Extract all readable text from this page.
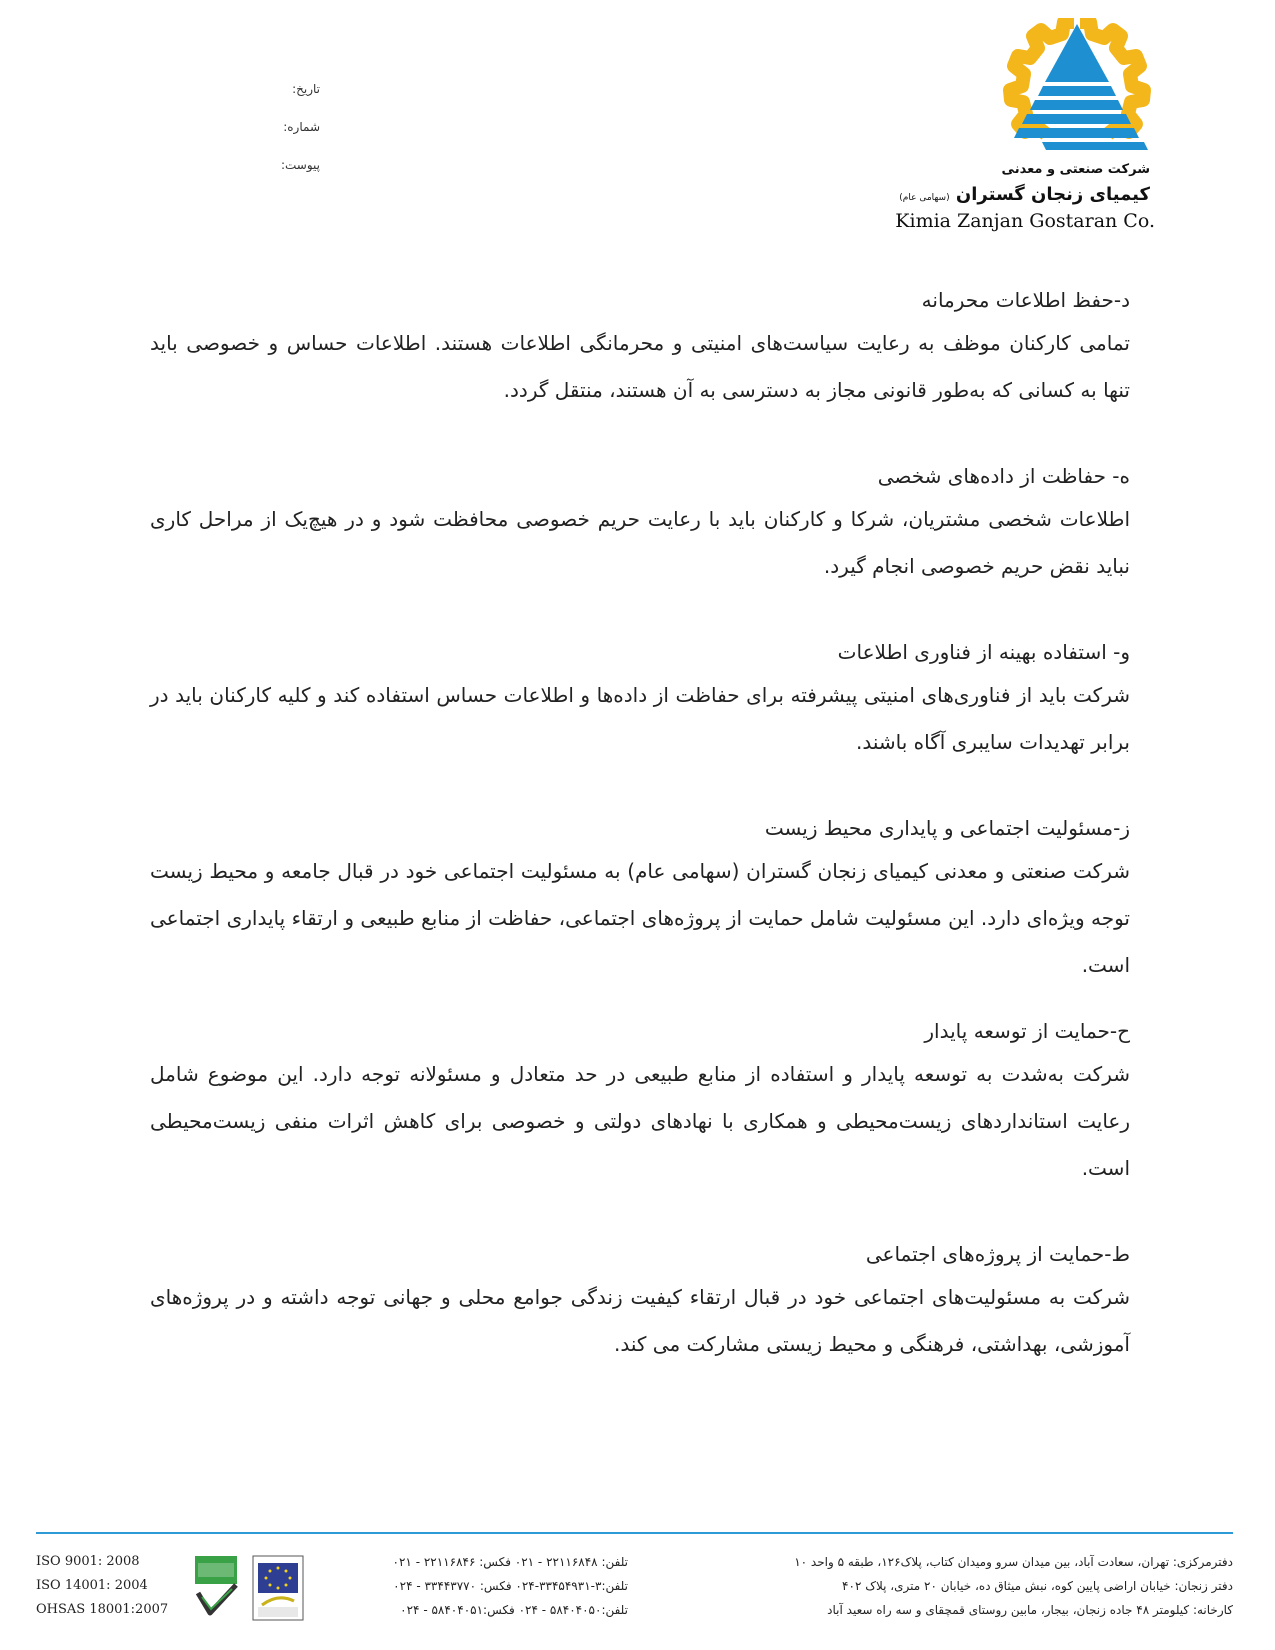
شرکت صنعتی و معدنی
کیمیای زنجان گستران (سهامی عام)
Kimia Zanjan Gostaran Co.
تاریخ:
شماره:
پیوست:

د-حفظ اطلاعات محرمانه

تمامی کارکنان موظف به رعایت سیاست‌های امنیتی و محرمانگی اطلاعات هستند. اطلاعات حساس و خصوصی باید تنها به کسانی که به‌طور قانونی مجاز به دسترسی به آن هستند، منتقل گردد.

ه- حفاظت از داده‌های شخصی

اطلاعات شخصی مشتریان، شرکا و کارکنان باید با رعایت حریم خصوصی محافظت شود و در هیچ‌یک از مراحل کاری نباید نقض حریم خصوصی انجام گیرد.

و- استفاده بهینه از فناوری اطلاعات

شرکت باید از فناوری‌های امنیتی پیشرفته برای حفاظت از داده‌ها و اطلاعات حساس استفاده کند و کلیه کارکنان باید در برابر تهدیدات سایبری آگاه باشند.

ز-مسئولیت اجتماعی و پایداری محیط زیست

شرکت صنعتی و معدنی کیمیای زنجان گستران (سهامی عام) به مسئولیت اجتماعی خود در قبال جامعه و محیط زیست توجه ویژه‌ای دارد. این مسئولیت شامل حمایت از پروژه‌های اجتماعی، حفاظت از منابع طبیعی و ارتقاء پایداری اجتماعی است.

ح-حمایت از توسعه پایدار

شرکت به‌شدت به توسعه پایدار و استفاده از منابع طبیعی در حد متعادل و مسئولانه توجه دارد. این موضوع شامل رعایت استانداردهای زیست‌محیطی و همکاری با نهادهای دولتی و خصوصی برای کاهش اثرات منفی زیست‌محیطی است.

ط-حمایت از پروژه‌های اجتماعی

شرکت به مسئولیت‌های اجتماعی خود در قبال ارتقاء کیفیت زندگی جوامع محلی و جهانی توجه داشته و در پروژه‌های آموزشی، بهداشتی، فرهنگی و محیط زیستی مشارکت می کند.

دفترمرکزی: تهران، سعادت آباد، بین میدان سرو ومیدان کتاب، پلاک۱۲۶، طبقه ۵ واحد ۱۰
دفتر زنجان: خیابان اراضی پایین کوه، نبش میثاق ده، خیابان ۲۰ متری، پلاک ۴۰۲
کارخانه: کیلومتر ۴۸ جاده زنجان، بیجار، مابین روستای قمچقای و سه راه سعید آباد
تلفن: ۲۲۱۱۶۸۴۸ - ۰۲۱ فکس: ۲۲۱۱۶۸۴۶ - ۰۲۱
تلفن:۳-۳۳۴۵۴۹۳۱-۰۲۴ فکس: ۳۳۴۴۳۷۷۰ - ۰۲۴
تلفن:۵۸۴۰۴۰۵۰ - ۰۲۴ فکس:۵۸۴۰۴۰۵۱ - ۰۲۴
ISO 9001: 2008
ISO 14001: 2004
OHSAS 18001:2007
